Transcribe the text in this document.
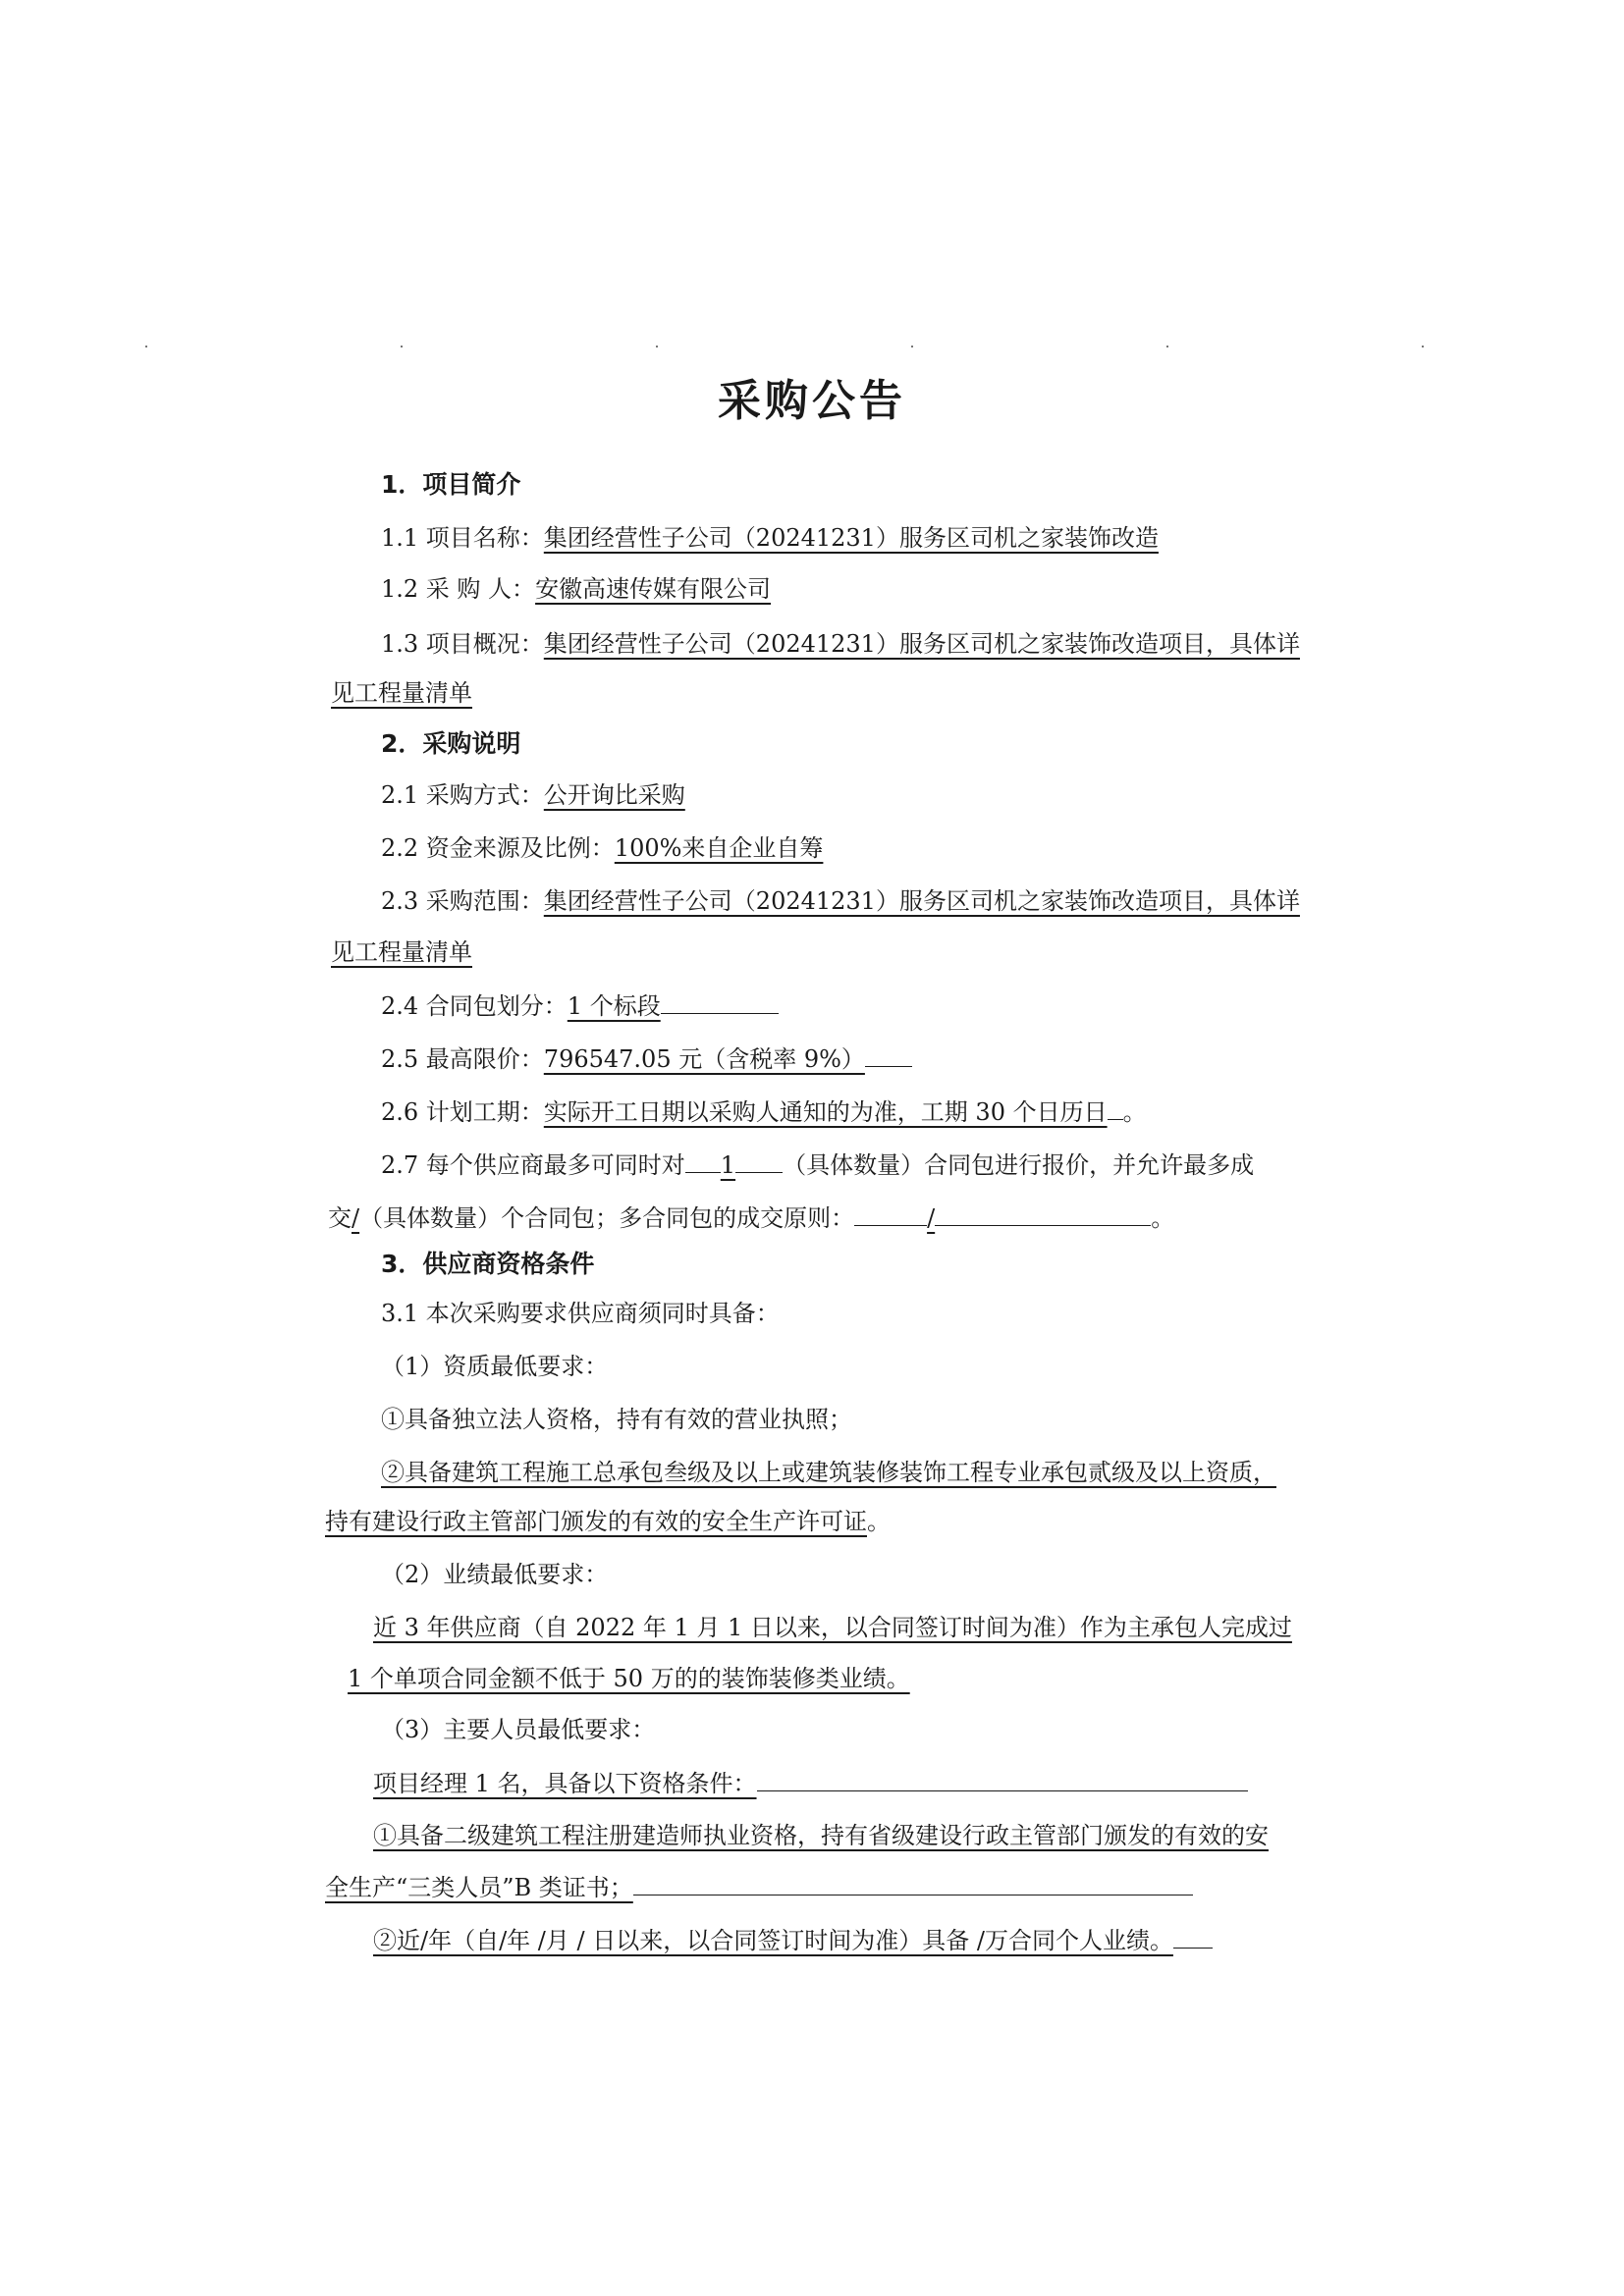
采购公告
1．项目简介
1.1 项目名称：集团经营性子公司（20241231）服务区司机之家装饰改造
1.2 采 购 人：安徽高速传媒有限公司
1.3 项目概况：集团经营性子公司（20241231）服务区司机之家装饰改造项目，具体详
见工程量清单
2．采购说明
2.1 采购方式：公开询比采购
2.2 资金来源及比例：100%来自企业自筹
2.3 采购范围：集团经营性子公司（20241231）服务区司机之家装饰改造项目，具体详
见工程量清单
2.4 合同包划分：1 个标段
2.5 最高限价：796547.05 元（含税率 9%）
2.6 计划工期：实际开工日期以采购人通知的为准，工期 30 个日历日 。
2.7 每个供应商最多可同时对 1 （具体数量）合同包进行报价，并允许最多成
交/（具体数量）个合同包；多合同包的成交原则：	/	。
3．供应商资格条件
3.1 本次采购要求供应商须同时具备：
（1）资质最低要求：
①具备独立法人资格，持有有效的营业执照；
②具备建筑工程施工总承包叁级及以上或建筑装修装饰工程专业承包贰级及以上资质，
持有建设行政主管部门颁发的有效的安全生产许可证。
（2）业绩最低要求：
近 3 年供应商（自 2022 年 1 月 1 日以来，以合同签订时间为准）作为主承包人完成过
1 个单项合同金额不低于 50 万的的装饰装修类业绩。
（3）主要人员最低要求：
项目经理 1 名，具备以下资格条件：
①具备二级建筑工程注册建造师执业资格，持有省级建设行政主管部门颁发的有效的安
全生产“三类人员”B 类证书；
②近/年（自/年 /月 / 日以来，以合同签订时间为准）具备 /万合同个人业绩。
